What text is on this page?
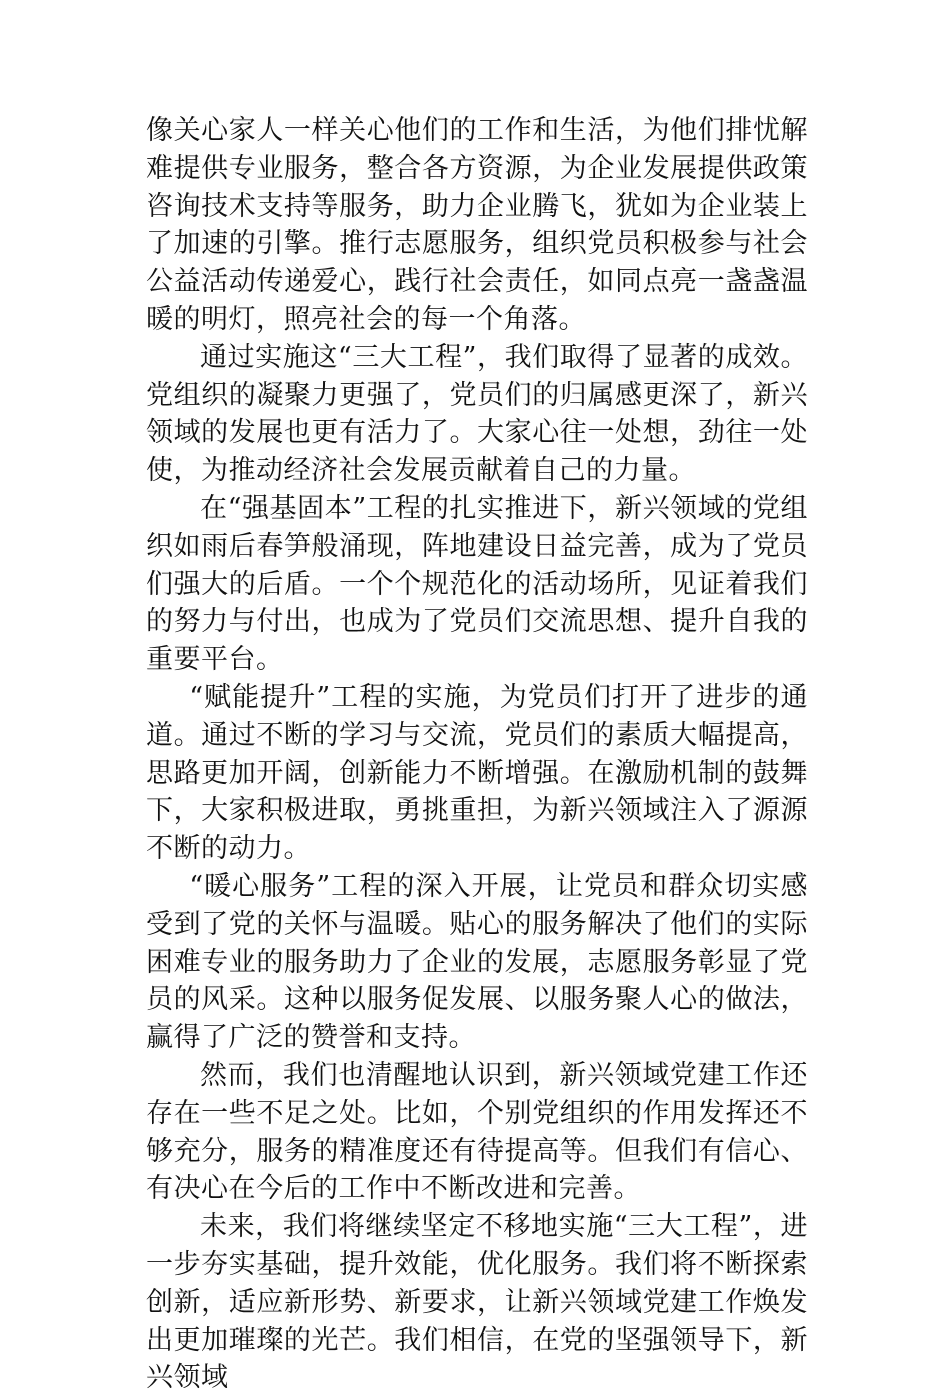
像关心家人一样关心他们的工作和生活，为他们排忧解难提供专业服务，整合各方资源，为企业发展提供政策咨询技术支持等服务，助力企业腾飞，犹如为企业装上了加速的引擎。推行志愿服务，组织党员积极参与社会公益活动传递爱心，践行社会责任，如同点亮一盏盏温暖的明灯，照亮社会的每一个角落。

通过实施这“三大工程”，我们取得了显著的成效。党组织的凝聚力更强了，党员们的归属感更深了，新兴领域的发展也更有活力了。大家心往一处想，劲往一处使，为推动经济社会发展贡献着自己的力量。

在“强基固本”工程的扎实推进下，新兴领域的党组织如雨后春笋般涌现，阵地建设日益完善，成为了党员们强大的后盾。一个个规范化的活动场所，见证着我们的努力与付出，也成为了党员们交流思想、提升自我的重要平台。

“赋能提升”工程的实施，为党员们打开了进步的通道。通过不断的学习与交流，党员们的素质大幅提高，思路更加开阔，创新能力不断增强。在激励机制的鼓舞下，大家积极进取，勇挑重担，为新兴领域注入了源源不断的动力。

“暖心服务”工程的深入开展，让党员和群众切实感受到了党的关怀与温暖。贴心的服务解决了他们的实际困难专业的服务助力了企业的发展，志愿服务彰显了党员的风采。这种以服务促发展、以服务聚人心的做法，赢得了广泛的赞誉和支持。

然而，我们也清醒地认识到，新兴领域党建工作还存在一些不足之处。比如，个别党组织的作用发挥还不够充分，服务的精准度还有待提高等。但我们有信心、有决心在今后的工作中不断改进和完善。

未来，我们将继续坚定不移地实施“三大工程”，进一步夯实基础，提升效能，优化服务。我们将不断探索创新，适应新形势、新要求，让新兴领域党建工作焕发出更加璀璨的光芒。我们相信，在党的坚强领导下，新兴领域
